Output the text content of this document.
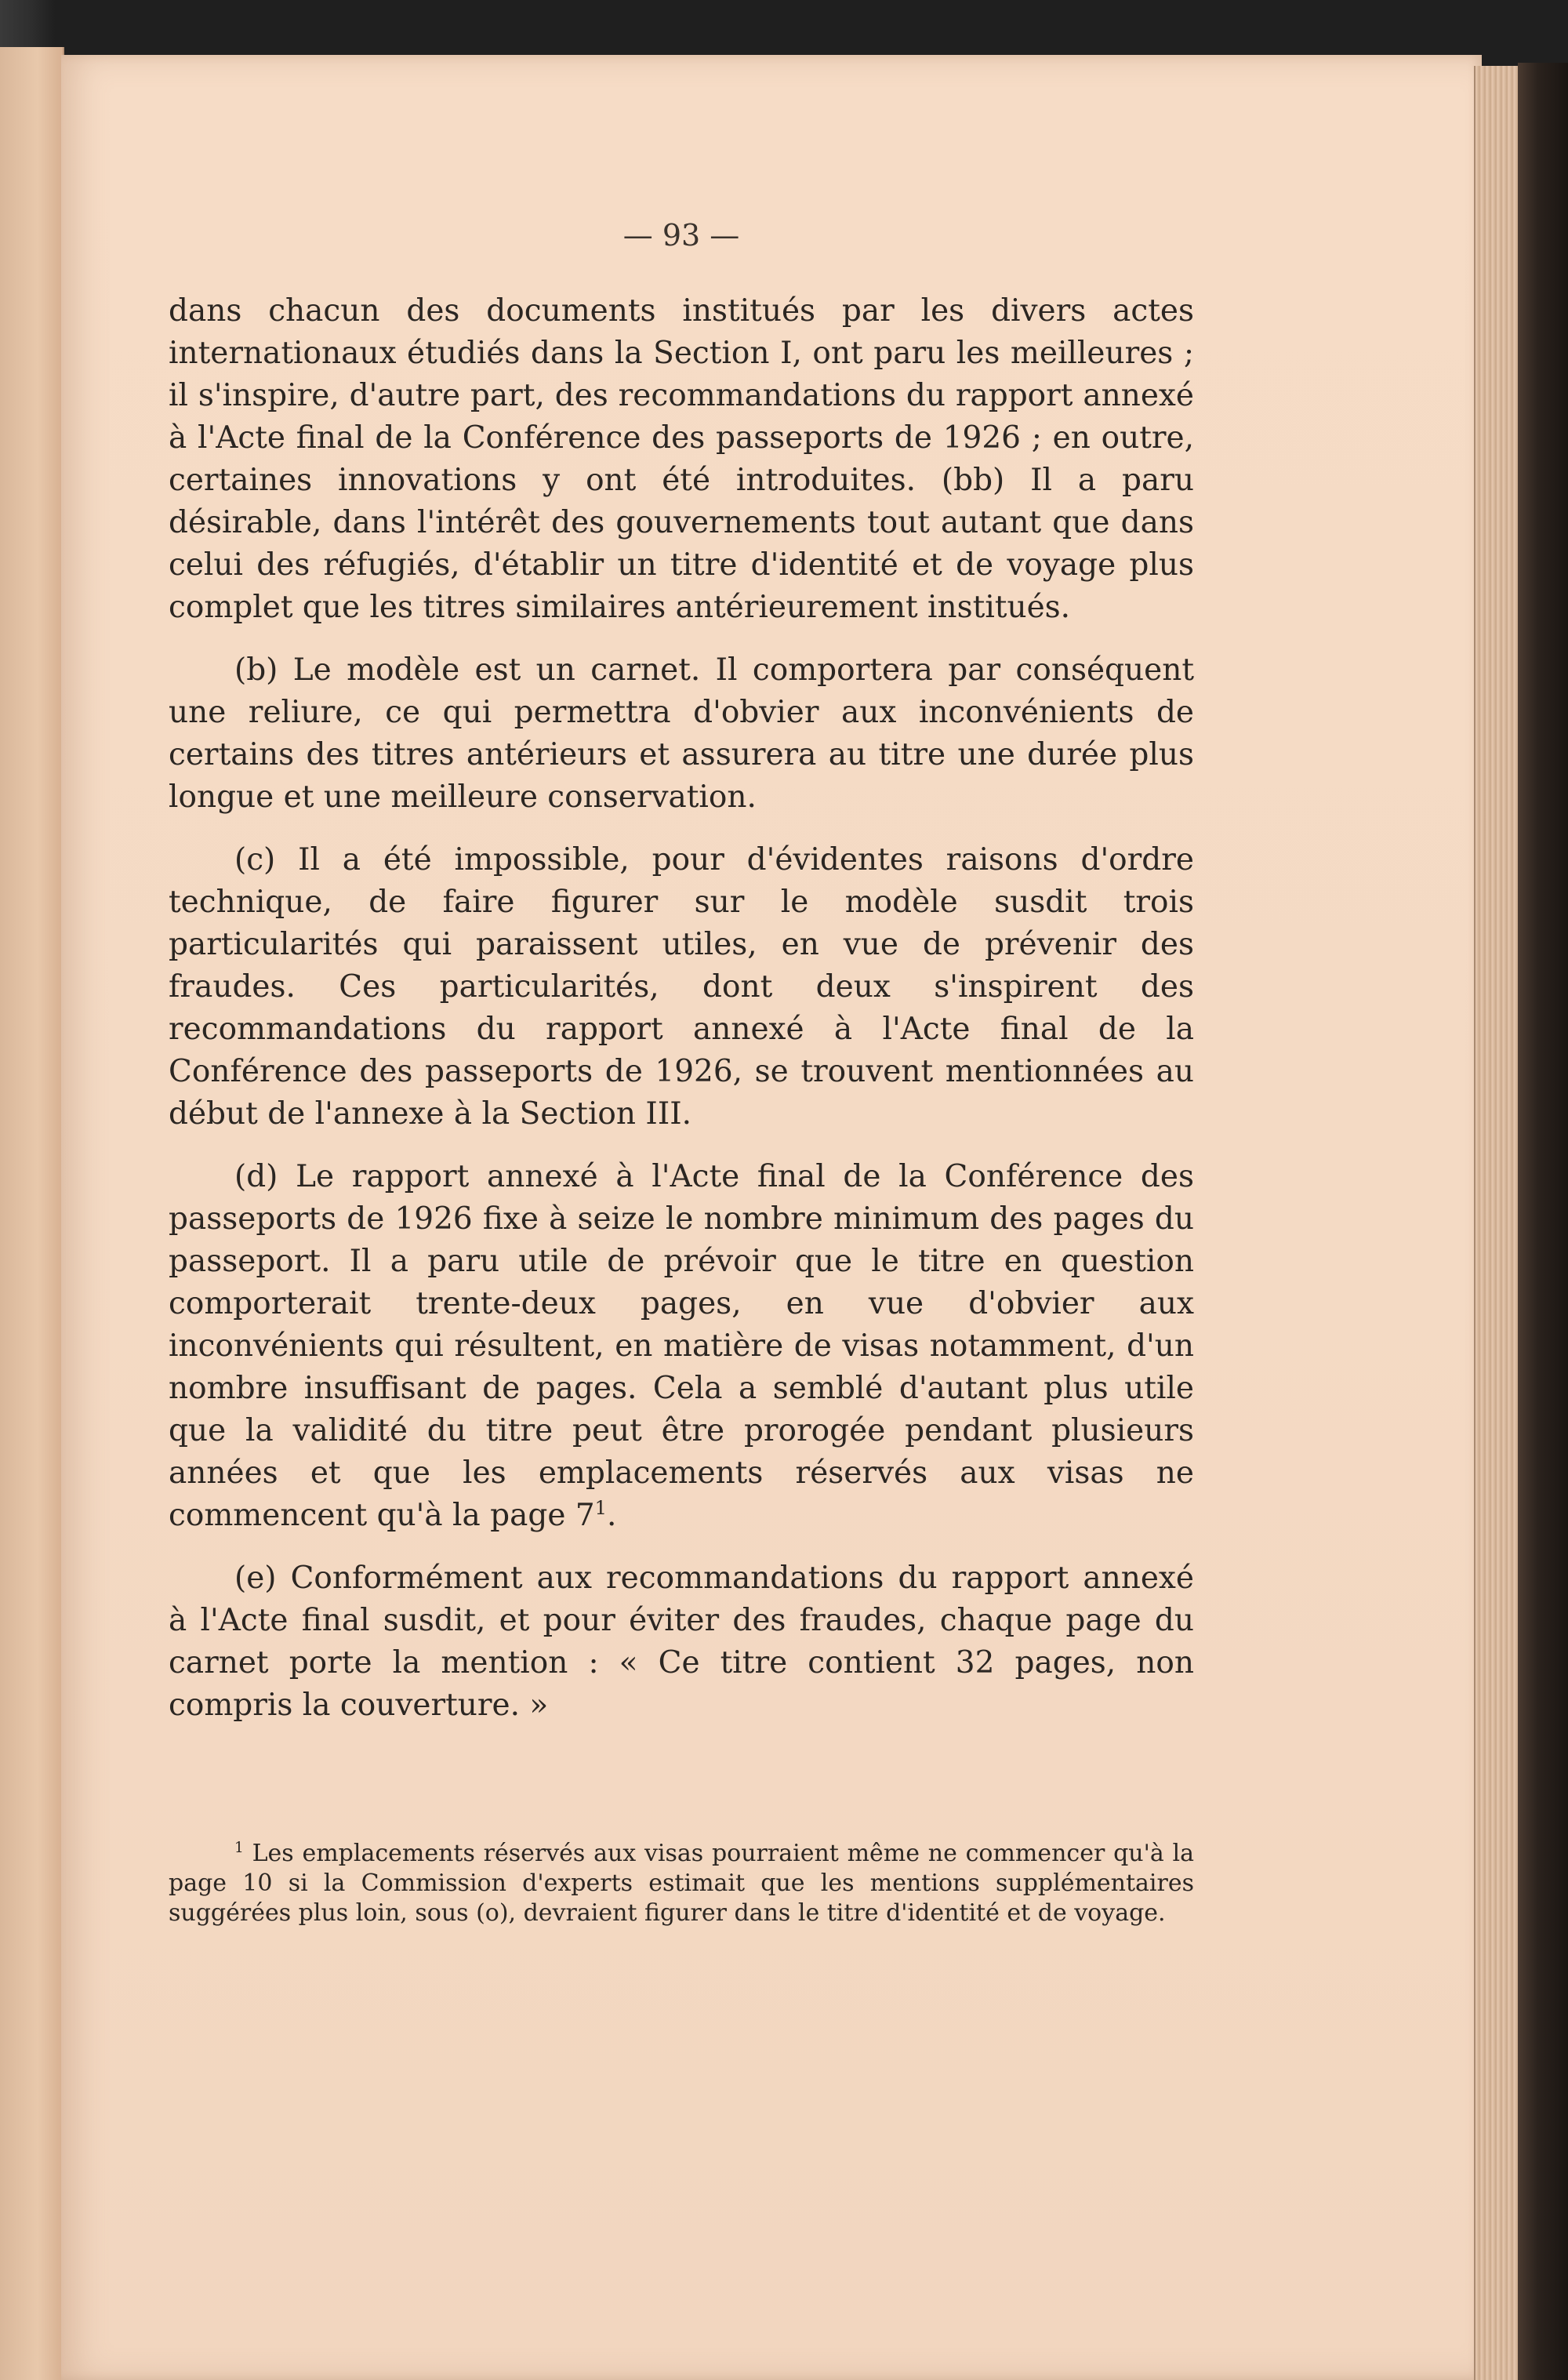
— 93 —

dans chacun des documents institués par les divers actes internationaux étudiés dans la Section I, ont paru les meilleures ; il s'inspire, d'autre part, des recommandations du rapport annexé à l'Acte final de la Conférence des passeports de 1926 ; en outre, certaines innovations y ont été introduites. (bb) Il a paru désirable, dans l'intérêt des gouvernements tout autant que dans celui des réfugiés, d'établir un titre d'identité et de voyage plus complet que les titres similaires antérieurement institués.

(b) Le modèle est un carnet. Il comportera par conséquent une reliure, ce qui permettra d'obvier aux inconvénients de certains des titres antérieurs et assurera au titre une durée plus longue et une meilleure conservation.

(c) Il a été impossible, pour d'évidentes raisons d'ordre technique, de faire figurer sur le modèle susdit trois particularités qui paraissent utiles, en vue de prévenir des fraudes. Ces particularités, dont deux s'inspirent des recommandations du rapport annexé à l'Acte final de la Conférence des passeports de 1926, se trouvent mentionnées au début de l'annexe à la Section III.

(d) Le rapport annexé à l'Acte final de la Conférence des passeports de 1926 fixe à seize le nombre minimum des pages du passeport. Il a paru utile de prévoir que le titre en question comporterait trente-deux pages, en vue d'obvier aux inconvénients qui résultent, en matière de visas notamment, d'un nombre insuffisant de pages. Cela a semblé d'autant plus utile que la validité du titre peut être prorogée pendant plusieurs années et que les emplacements réservés aux visas ne commencent qu'à la page $7^1$.

(e) Conformément aux recommandations du rapport annexé à l'Acte final susdit, et pour éviter des fraudes, chaque page du carnet porte la mention : « Ce titre contient 32 pages, non compris la couverture. »

$^1$ Les emplacements réservés aux visas pourraient même ne commencer qu'à la page 10 si la Commission d'experts estimait que les mentions supplémentaires suggérées plus loin, sous (o), devraient figurer dans le titre d'identité et de voyage.
